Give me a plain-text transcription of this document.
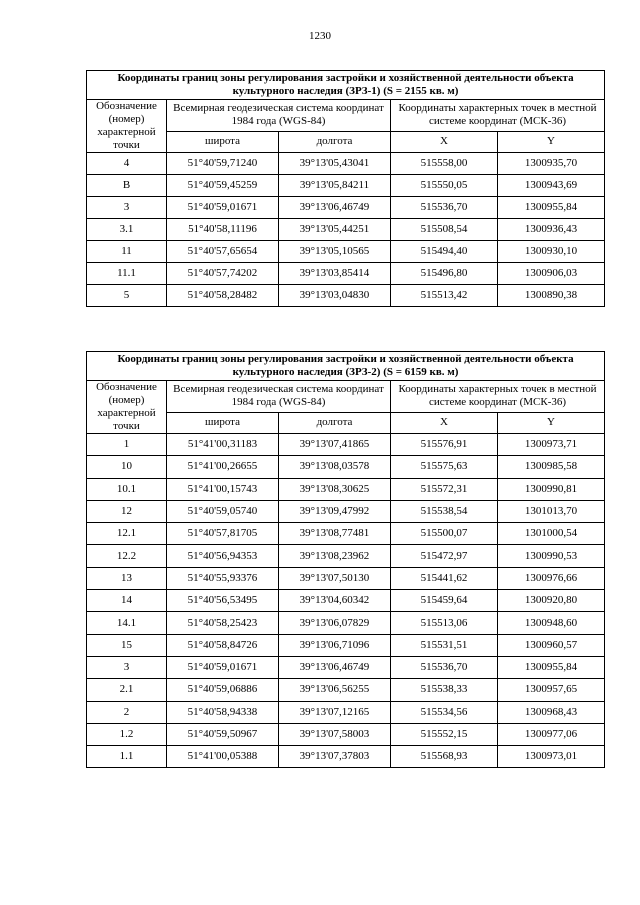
1230
Координаты границ зоны регулирования застройки и хозяйственной деятельности объекта культурного наследия (ЗРЗ-1) (S = 2155 кв. м)				
Обозначение (номер) характерной точки	Всемирная геодезическая система координат 1984 года (WGS-84)		Координаты характерных точек в местной системе координат (МСК-36)	
	широта	долгота	X	Y
4	51°40'59,71240	39°13'05,43041	515558,00	1300935,70
B	51°40'59,45259	39°13'05,84211	515550,05	1300943,69
3	51°40'59,01671	39°13'06,46749	515536,70	1300955,84
3.1	51°40'58,11196	39°13'05,44251	515508,54	1300936,43
11	51°40'57,65654	39°13'05,10565	515494,40	1300930,10
11.1	51°40'57,74202	39°13'03,85414	515496,80	1300906,03
5	51°40'58,28482	39°13'03,04830	515513,42	1300890,38
Координаты границ зоны регулирования застройки и хозяйственной деятельности объекта культурного наследия (ЗРЗ-2) (S = 6159 кв. м)				
Обозначение (номер) характерной точки	Всемирная геодезическая система координат 1984 года (WGS-84)		Координаты характерных точек в местной системе координат (МСК-36)	
	широта	долгота	X	Y
1	51°41'00,31183	39°13'07,41865	515576,91	1300973,71
10	51°41'00,26655	39°13'08,03578	515575,63	1300985,58
10.1	51°41'00,15743	39°13'08,30625	515572,31	1300990,81
12	51°40'59,05740	39°13'09,47992	515538,54	1301013,70
12.1	51°40'57,81705	39°13'08,77481	515500,07	1301000,54
12.2	51°40'56,94353	39°13'08,23962	515472,97	1300990,53
13	51°40'55,93376	39°13'07,50130	515441,62	1300976,66
14	51°40'56,53495	39°13'04,60342	515459,64	1300920,80
14.1	51°40'58,25423	39°13'06,07829	515513,06	1300948,60
15	51°40'58,84726	39°13'06,71096	515531,51	1300960,57
3	51°40'59,01671	39°13'06,46749	515536,70	1300955,84
2.1	51°40'59,06886	39°13'06,56255	515538,33	1300957,65
2	51°40'58,94338	39°13'07,12165	515534,56	1300968,43
1.2	51°40'59,50967	39°13'07,58003	515552,15	1300977,06
1.1	51°41'00,05388	39°13'07,37803	515568,93	1300973,01
